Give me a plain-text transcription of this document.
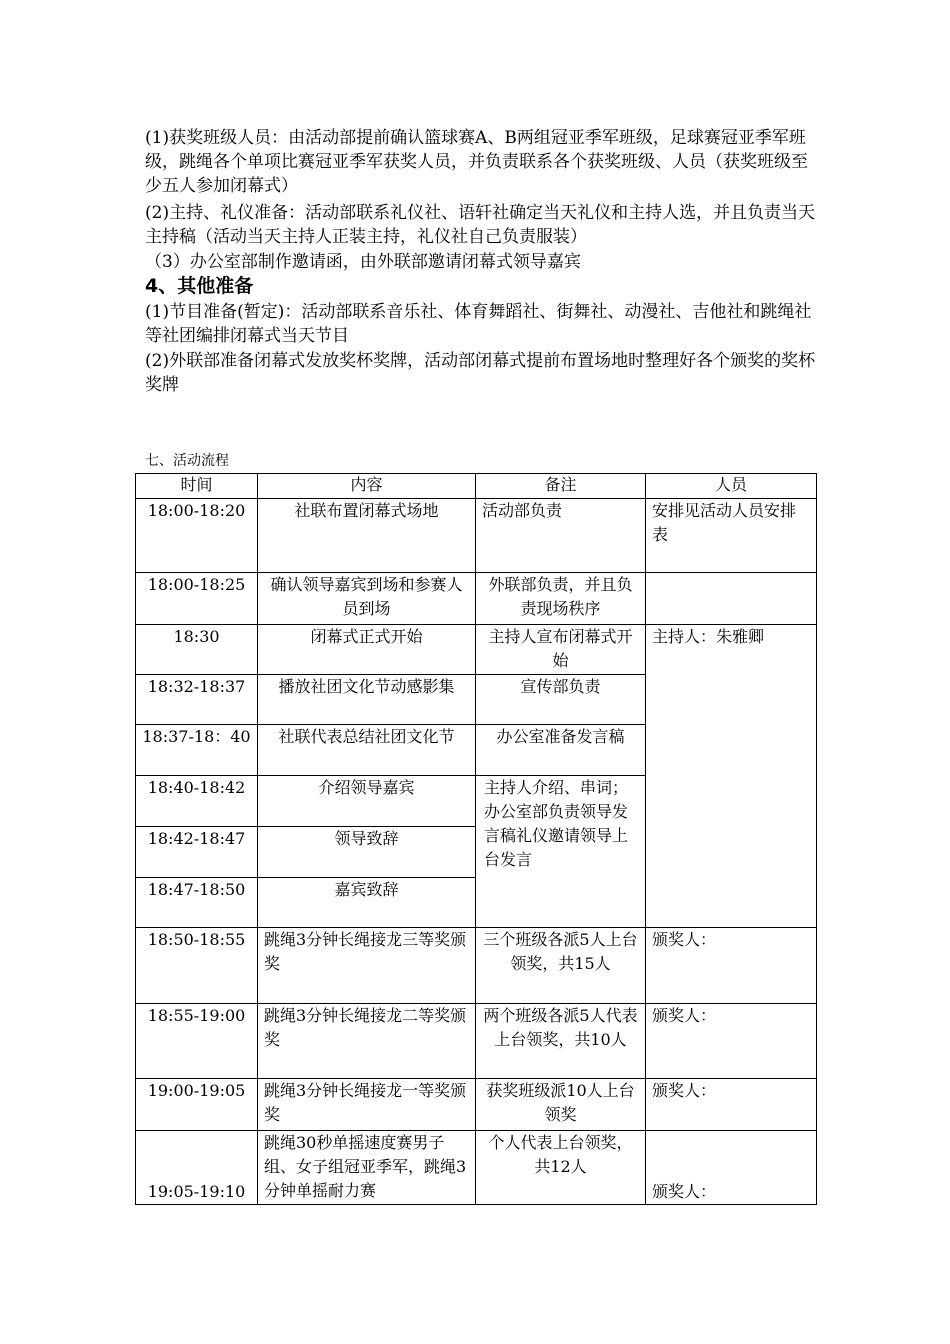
(1)获奖班级人员：由活动部提前确认篮球赛A、B两组冠亚季军班级，足球赛冠亚季军班级，跳绳各个单项比赛冠亚季军获奖人员，并负责联系各个获奖班级、人员（获奖班级至少五人参加闭幕式）

(2)主持、礼仪准备：活动部联系礼仪社、语轩社确定当天礼仪和主持人选，并且负责当天主持稿（活动当天主持人正装主持，礼仪社自己负责服装）

（3）办公室部制作邀请函，由外联部邀请闭幕式领导嘉宾

4、其他准备

(1)节目准备(暂定)：活动部联系音乐社、体育舞蹈社、街舞社、动漫社、吉他社和跳绳社等社团编排闭幕式当天节目

(2)外联部准备闭幕式发放奖杯奖牌，活动部闭幕式提前布置场地时整理好各个颁奖的奖杯奖牌

七、活动流程

时间	内容	备注	人员
18:00-18:20	社联布置闭幕式场地	活动部负责	安排见活动人员安排表
18:00-18:25	确认领导嘉宾到场和参赛人员到场	外联部负责，并且负责现场秩序	
18:30	闭幕式正式开始	主持人宣布闭幕式开始	主持人：朱雅卿
18:32-18:37	播放社团文化节动感影集	宣传部负责	
18:37-18：40	社联代表总结社团文化节	办公室准备发言稿	
18:40-18:42	介绍领导嘉宾	主持人介绍、串词；办公室部负责领导发言稿礼仪邀请领导上台发言	
18:42-18:47	领导致辞		
18:47-18:50	嘉宾致辞		
18:50-18:55	跳绳3分钟长绳接龙三等奖颁奖	三个班级各派5人上台领奖，共15人	颁奖人：
18:55-19:00	跳绳3分钟长绳接龙二等奖颁奖	两个班级各派5人代表上台领奖，共10人	颁奖人：
19:00-19:05	跳绳3分钟长绳接龙一等奖颁奖	获奖班级派10人上台领奖	颁奖人：
19:05-19:10	跳绳30秒单摇速度赛男子组、女子组冠亚季军，跳绳3分钟单摇耐力赛	个人代表上台领奖，共12人	颁奖人：
